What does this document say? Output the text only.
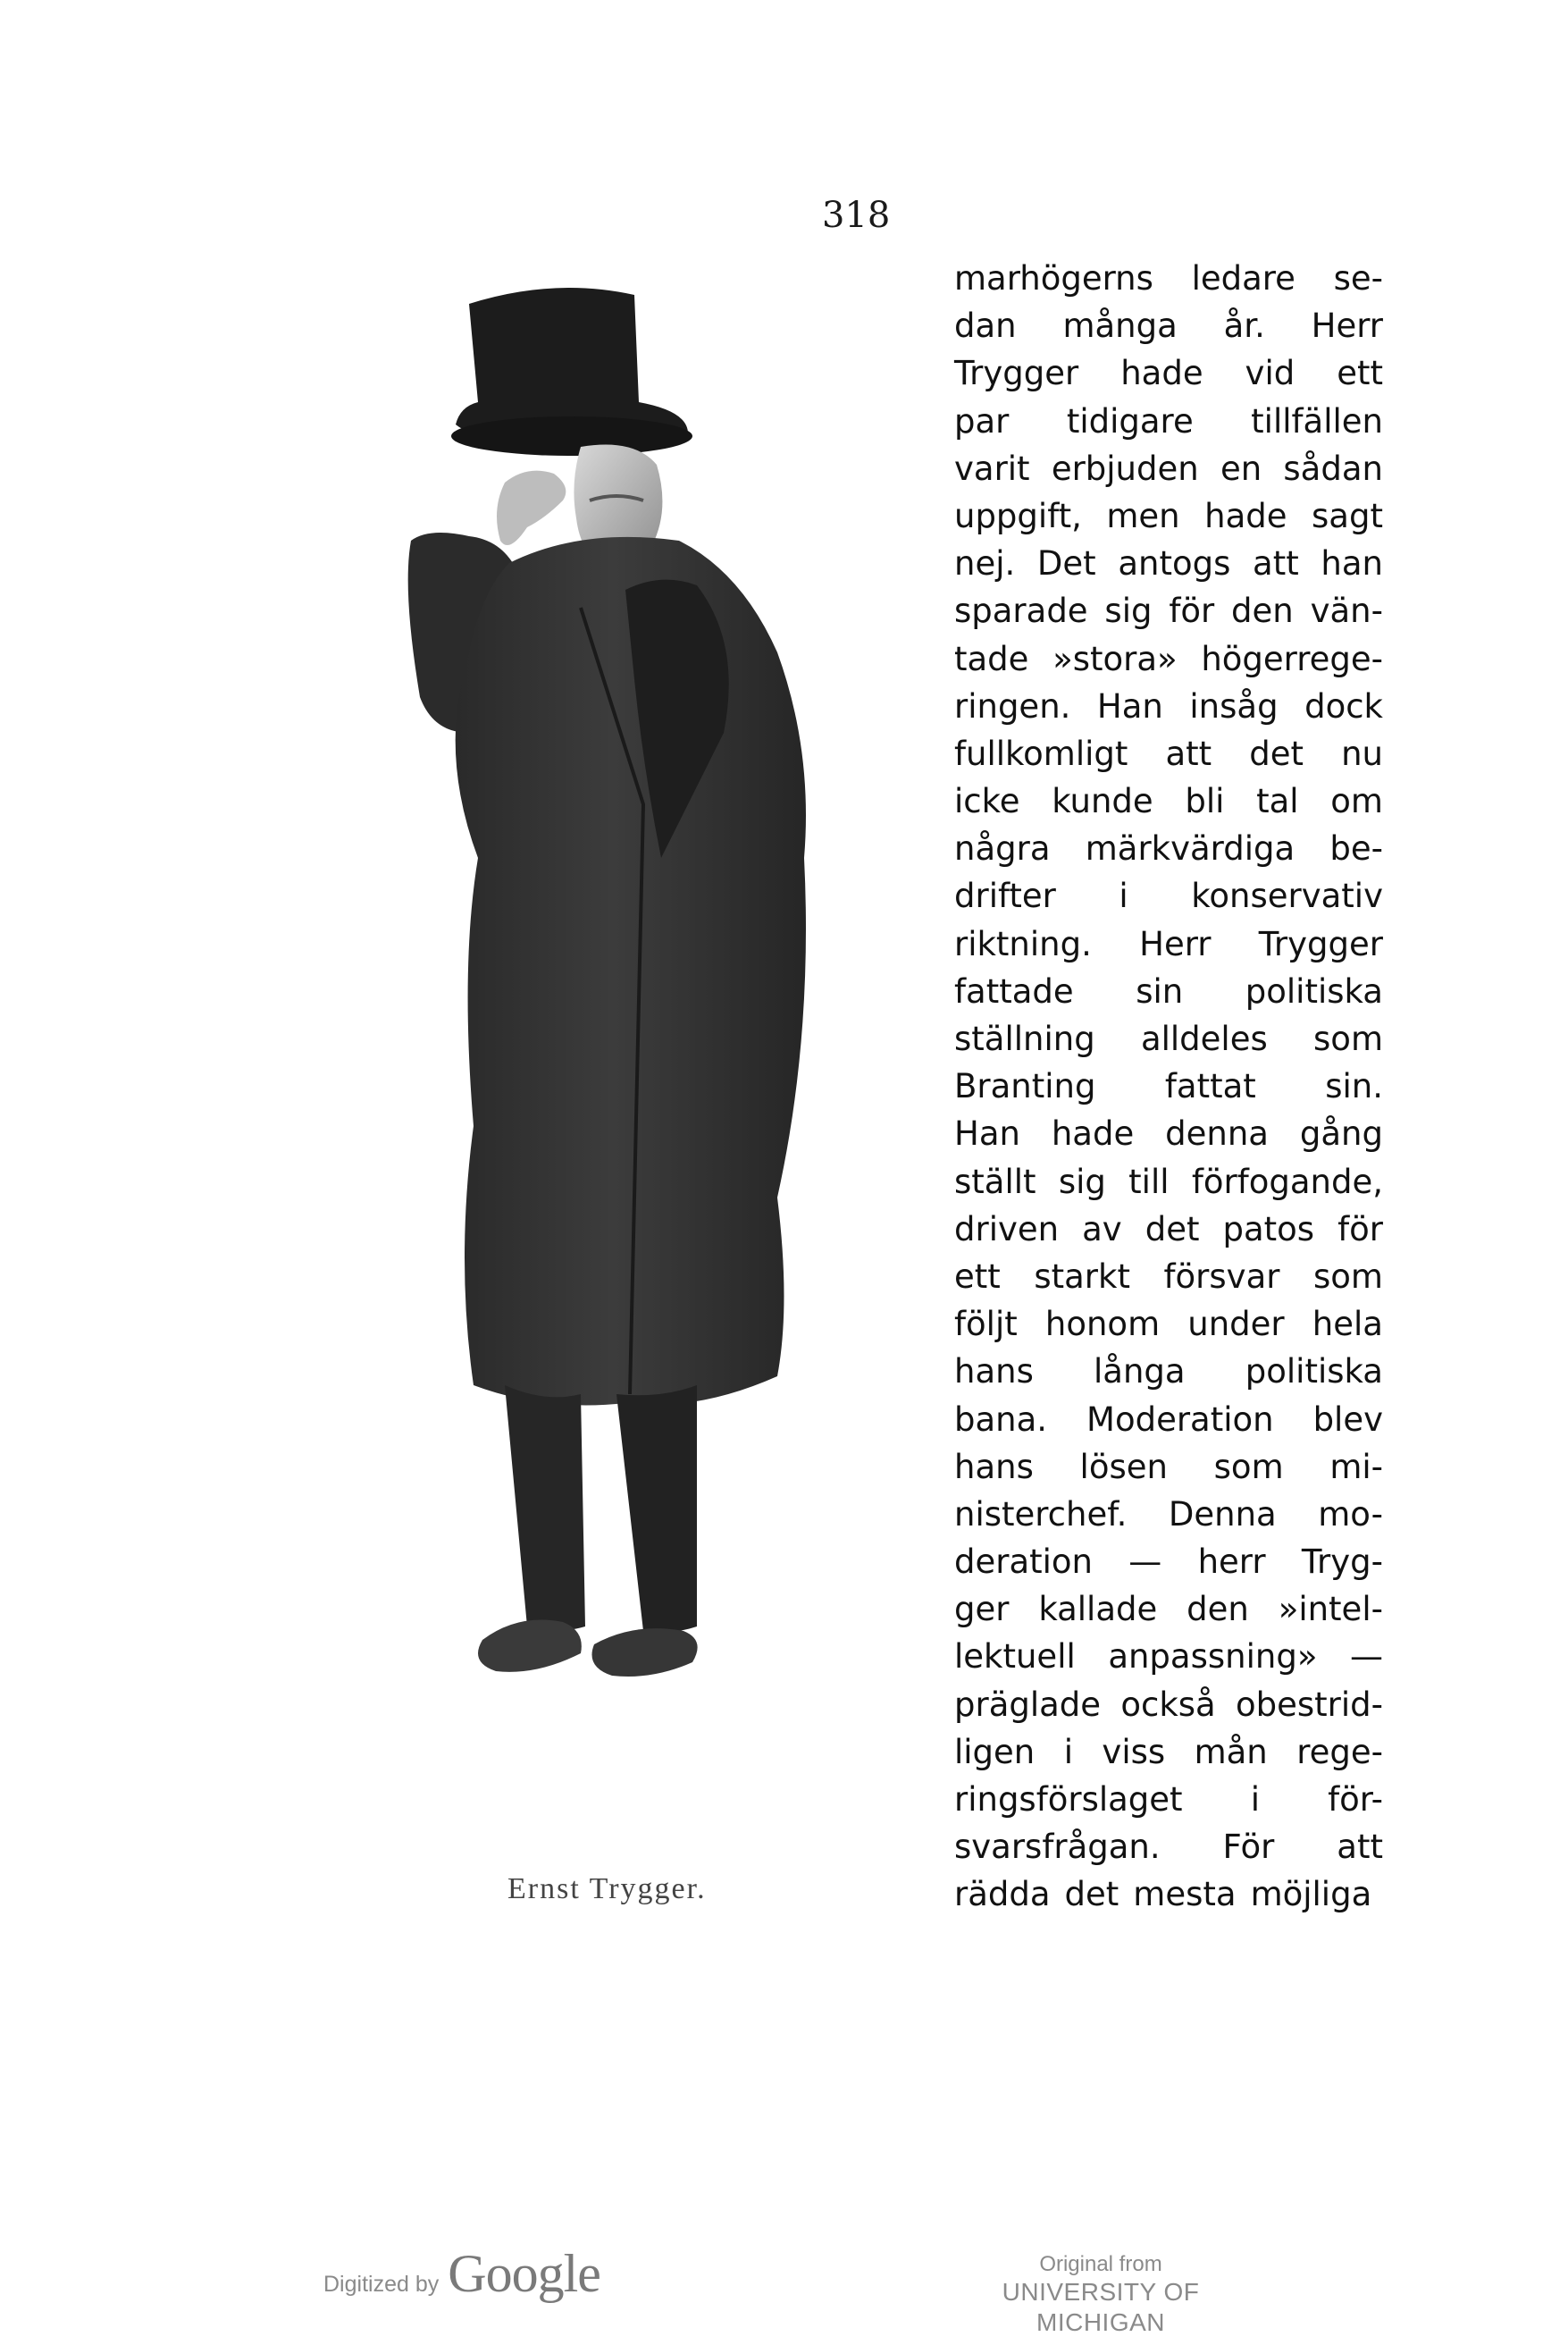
318
Ernst Trygger.
marhögerns ledare se-
dan många år. Herr
Trygger hade vid ett
par tidigare tillfällen
varit erbjuden en sådan
uppgift, men hade sagt
nej. Det antogs att han
sparade sig för den vän-
tade »stora» högerrege-
ringen. Han insåg dock
fullkomligt att det nu
icke kunde bli tal om
några märkvärdiga be-
drifter i konservativ
riktning. Herr Trygger
fattade sin politiska
ställning alldeles som
Branting fattat sin.
Han hade denna gång
ställt sig till förfogande,
driven av det patos för
ett starkt försvar som
följt honom under hela
hans långa politiska
bana. Moderation blev
hans lösen som mi-
nisterchef. Denna mo-
deration — herr Tryg-
ger kallade den »intel-
lektuell anpassning» —
präglade också obestrid-
ligen i viss mån rege-
ringsförslaget i för-
svarsfrågan. För att
rädda det mesta möjliga
Digitized by Google	Original from
UNIVERSITY OF MICHIGAN
